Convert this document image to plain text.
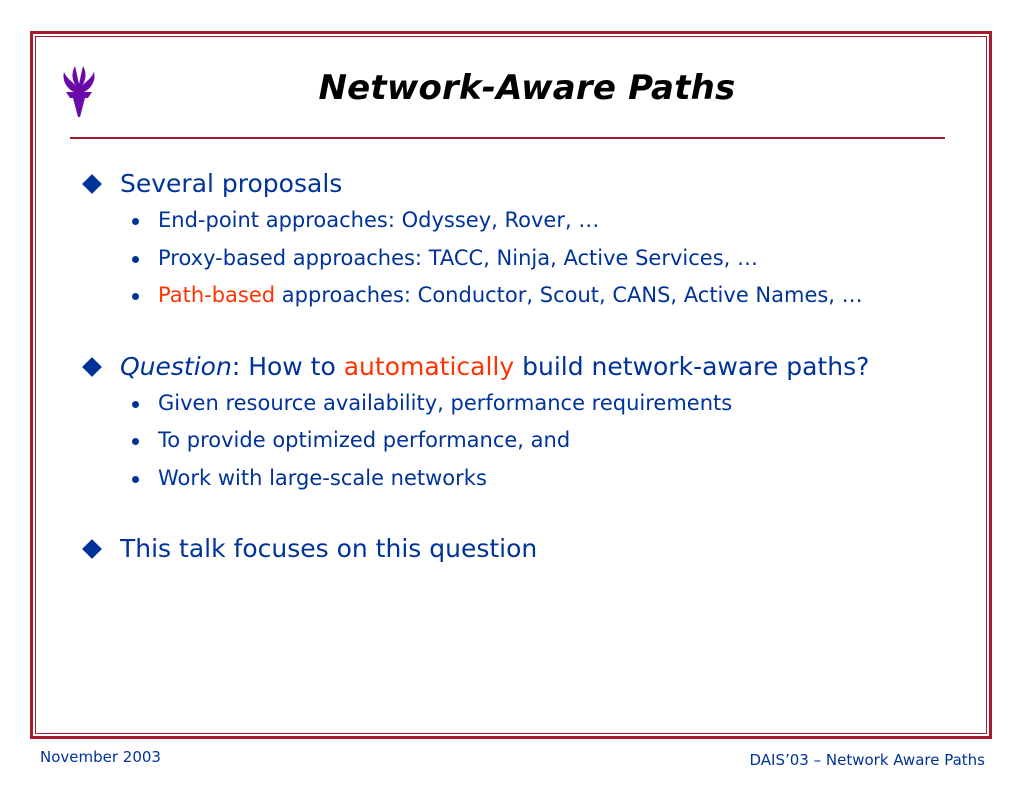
Network-Aware Paths
Several proposals
End-point approaches: Odyssey, Rover, …
Proxy-based approaches: TACC, Ninja, Active Services, …
Path-based approaches: Conductor, Scout, CANS, Active Names, …
Question: How to automatically build network-aware paths?
Given resource availability, performance requirements
To provide optimized performance, and
Work with large-scale networks
This talk focuses on this question
November 2003	DAIS’03 – Network Aware Paths
